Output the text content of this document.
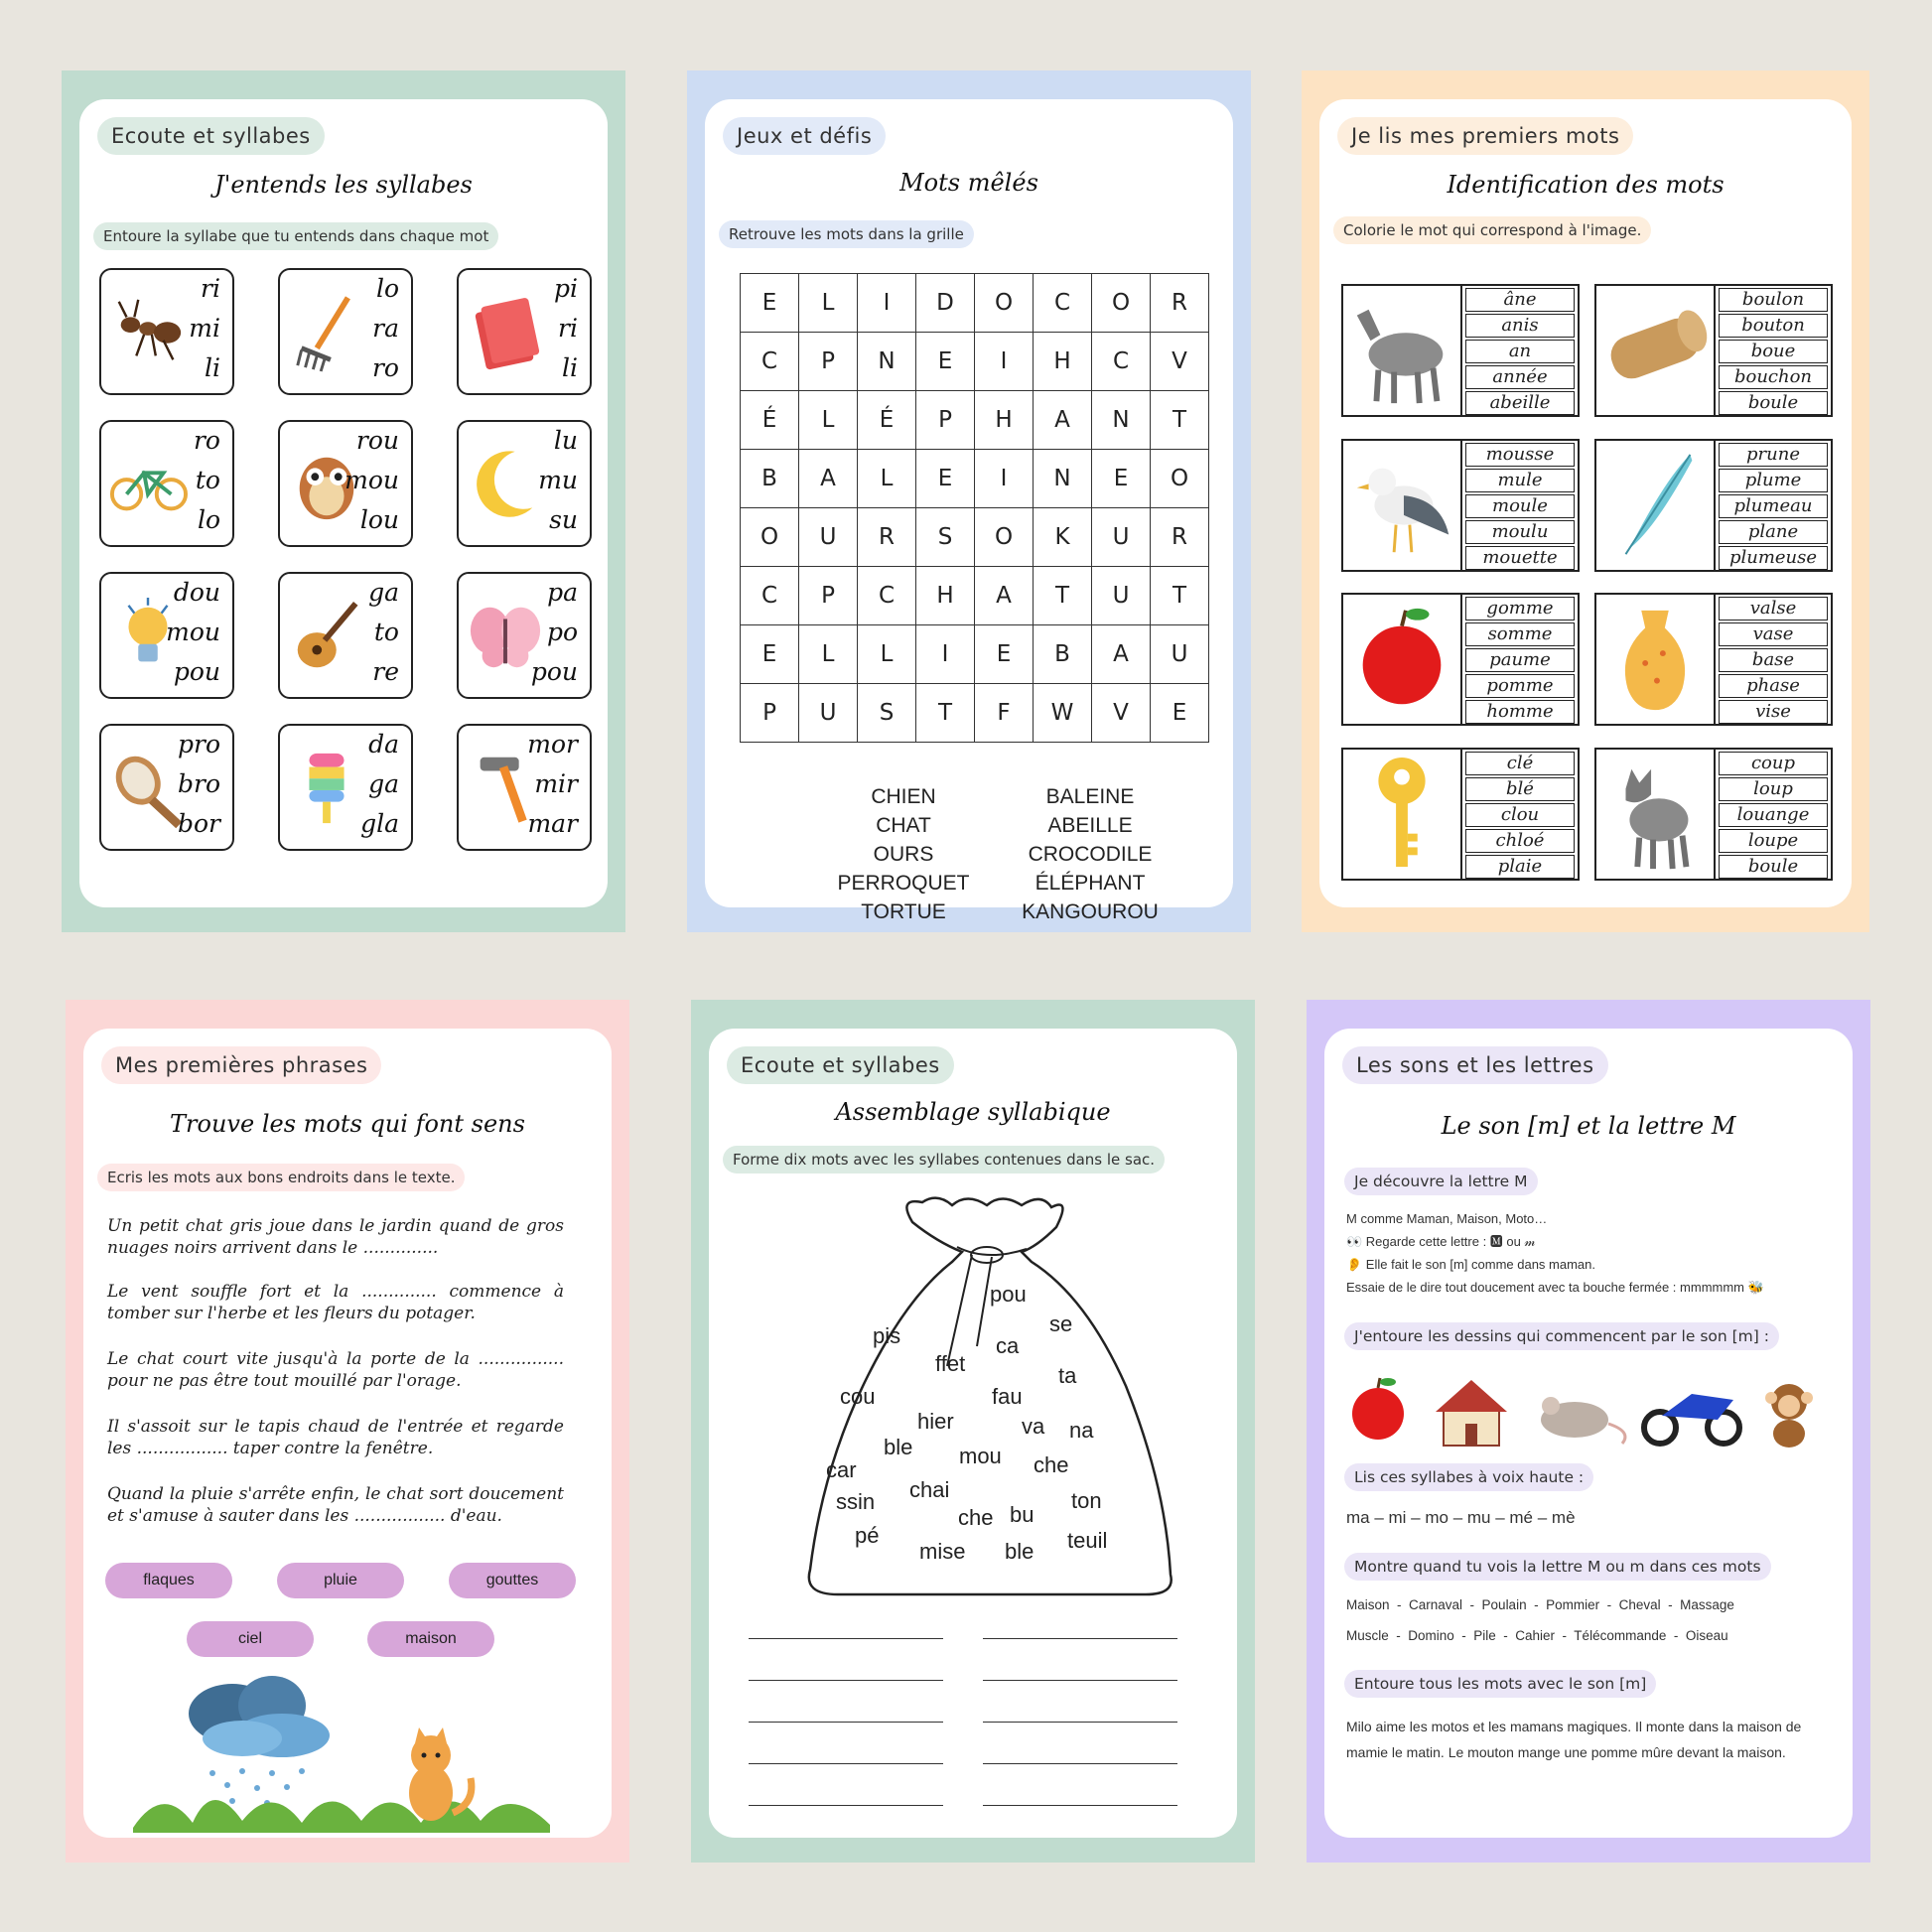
Ecoute et syllabes
J'entends les syllabes
Entoure la syllabe que tu entends dans chaque mot
ri
mi
li
lo
ra
ro
pi
ri
li
ro
to
lo
rou
mou
lou
lu
mu
su
dou
mou
pou
ga
to
re
pa
po
pou
pro
bro
bor
da
ga
gla
mor
mir
mar
Jeux et défis
Mots mêlés
Retrouve les mots dans la grille
E	L	I	D	O	C	O	R
C	P	N	E	I	H	C	V
É	L	É	P	H	A	N	T
B	A	L	E	I	N	E	O
O	U	R	S	O	K	U	R
C	P	C	H	A	T	U	T
E	L	L	I	E	B	A	U
P	U	S	T	F	W	V	E
CHIEN
CHAT
OURS
PERROQUET
TORTUE
BALEINE
ABEILLE
CROCODILE
ÉLÉPHANT
KANGOUROU
Je lis mes premiers mots
Identification des mots
Colorie le mot qui correspond à l'image.
âne
anis
an
année
abeille
boulon
bouton
boue
bouchon
boule
mousse
mule
moule
moulu
mouette
prune
plume
plumeau
plane
plumeuse
gomme
somme
paume
pomme
homme
valse
vase
base
phase
vise
clé
blé
clou
chloé
plaie
coup
loup
louange
loupe
boule
Mes premières phrases
Trouve les mots qui font sens
Ecris les mots aux bons endroits dans le texte.
Un petit chat gris joue dans le jardin quand de gros nuages noirs arrivent dans le ..............
Le vent souffle fort et la .............. commence à tomber sur l'herbe et les fleurs du potager.
Le chat court vite jusqu'à la porte de la ................ pour ne pas être tout mouillé par l'orage.
Il s'assoit sur le tapis chaud de l'entrée et regarde les ................. taper contre la fenêtre.
Quand la pluie s'arrête enfin, le chat sort doucement et s'amuse à sauter dans les ................. d'eau.
flaques	pluie	gouttes
ciel	maison
Ecoute et syllabes
Assemblage syllabique
Forme dix mots avec les syllabes contenues dans le sac.
pou
se
pis	ca
ffet	ta
cou	fau
hier	va na
ble mou che
car
chai
ssin
bu
ton
che
pé	teuil
mise ble
Les sons et les lettres
Le son [m] et la lettre M
Je découvre la lettre M
M comme Maman, Maison, Moto…
👀 Regarde cette lettre : 🅼 ou 𝓂
👂 Elle fait le son [m] comme dans maman.
Essaie de le dire tout doucement avec ta bouche fermée : mmmmmm 🐝
J'entoure les dessins qui commencent par le son [m] :
Lis ces syllabes à voix haute :
ma – mi – mo – mu – mé – mè
Montre quand tu vois la lettre M ou m dans ces mots
Maison  -  Carnaval  -  Poulain  -  Pommier  -  Cheval  -  Massage
Muscle  -  Domino  -  Pile  -  Cahier  -  Télécommande  -  Oiseau
Entoure tous les mots avec le son [m]
Milo aime les motos et les mamans magiques. Il monte dans la maison de mamie le matin. Le mouton mange une pomme mûre devant la maison.
